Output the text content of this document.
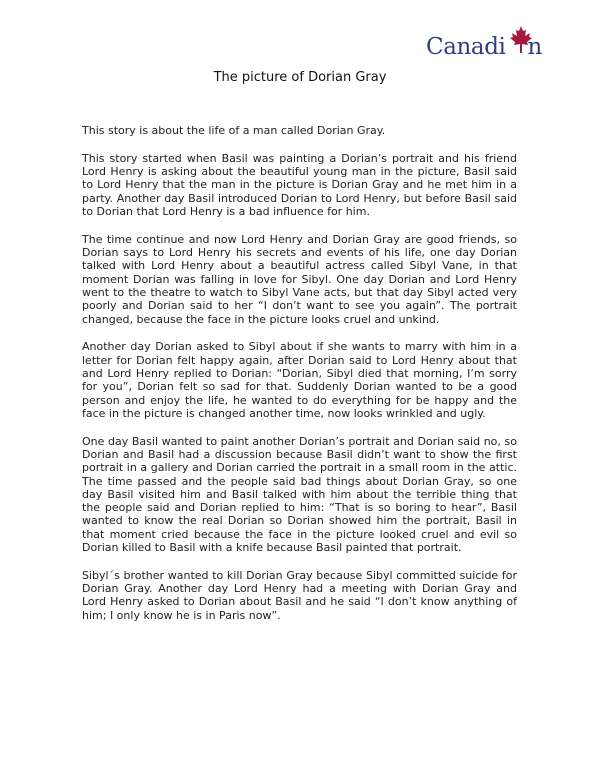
Canadi n
The picture of Dorian Gray

This story is about the life of a man called Dorian Gray.

This story started when Basil was painting a Dorian’s portrait and his friend Lord Henry is asking about the beautiful young man in the picture, Basil said to Lord Henry that the man in the picture is Dorian Gray and he met him in a party. Another day Basil introduced Dorian to Lord Henry, but before Basil said to Dorian that Lord Henry is a bad influence for him.

The time continue and now Lord Henry and Dorian Gray are good friends, so Dorian says to Lord Henry his secrets and events of his life, one day Dorian talked with Lord Henry about a beautiful actress called Sibyl Vane, in that moment Dorian was falling in love for Sibyl. One day Dorian and Lord Henry went to the theatre to watch to Sibyl Vane acts, but that day Sibyl acted very poorly and Dorian said to her “I don’t want to see you again”. The portrait changed, because the face in the picture looks cruel and unkind.

Another day Dorian asked to Sibyl about if she wants to marry with him in a letter for Dorian felt happy again, after Dorian said to Lord Henry about that and Lord Henry replied to Dorian: “Dorian, Sibyl died that morning, I’m sorry for you”, Dorian felt so sad for that. Suddenly Dorian wanted to be a good person and enjoy the life, he wanted to do everything for be happy and the face in the picture is changed another time, now looks wrinkled and ugly.

One day Basil wanted to paint another Dorian’s portrait and Dorian said no, so Dorian and Basil had a discussion because Basil didn’t want to show the first portrait in a gallery and Dorian carried the portrait in a small room in the attic. The time passed and the people said bad things about Dorian Gray, so one day Basil visited him and Basil talked with him about the terrible thing that the people said and Dorian replied to him: “That is so boring to hear”, Basil wanted to know the real Dorian so Dorian showed him the portrait, Basil in that moment cried because the face in the picture looked cruel and evil so Dorian killed to Basil with a knife because Basil painted that portrait.

Sibyl´s brother wanted to kill Dorian Gray because Sibyl committed suicide for Dorian Gray. Another day Lord Henry had a meeting with Dorian Gray and Lord Henry asked to Dorian about Basil and he said “I don’t know anything of him; I only know he is in Paris now”.
